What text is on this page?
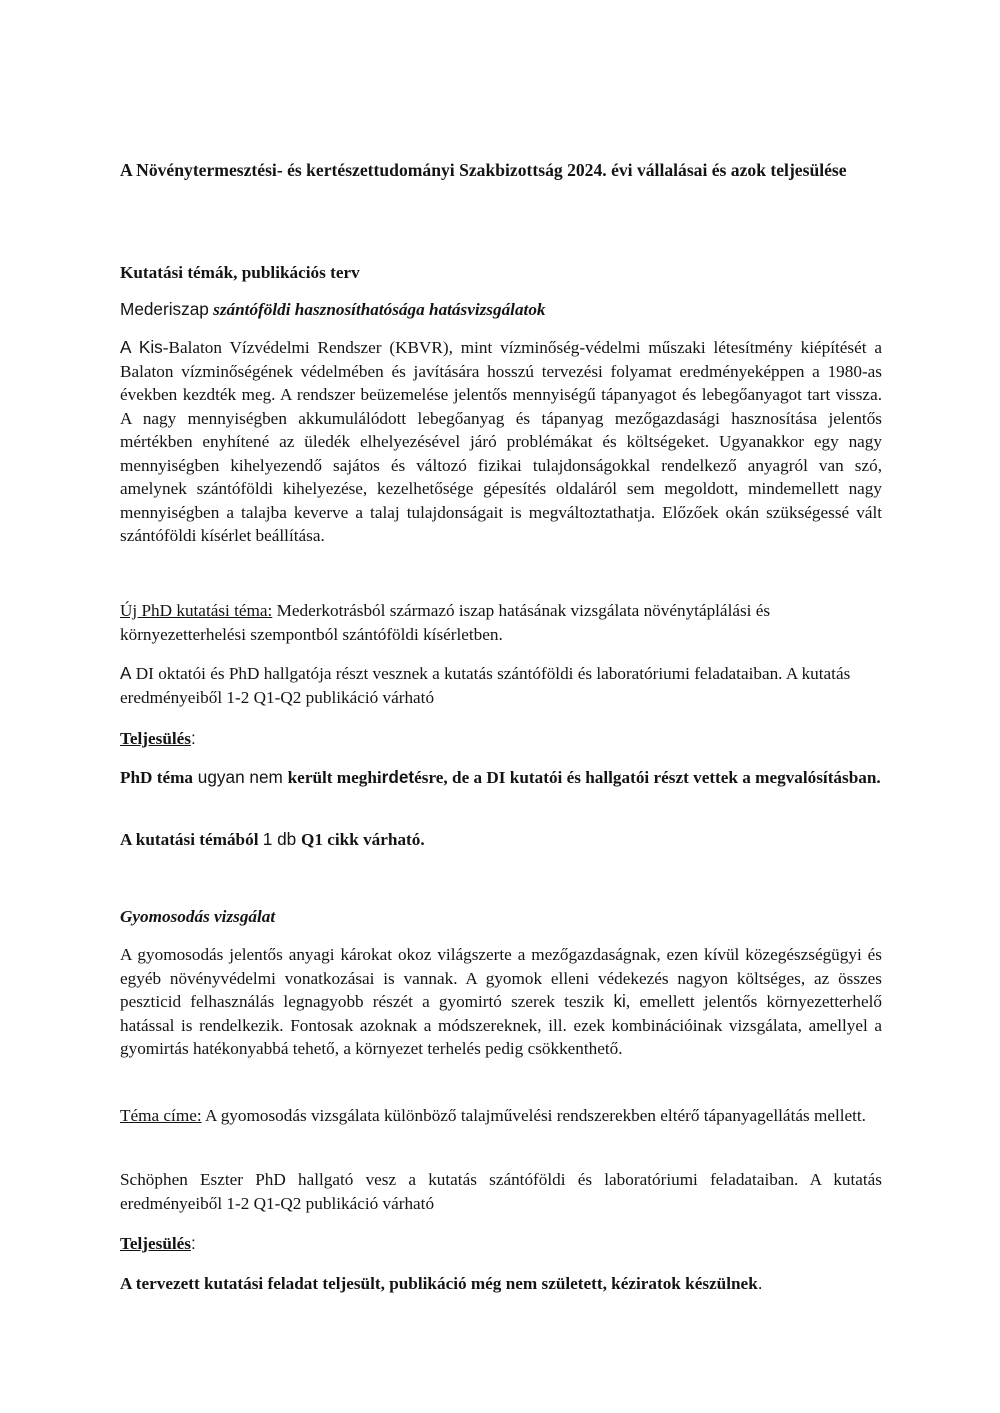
A Növénytermesztési- és kertészettudományi Szakbizottság 2024. évi vállalásai és azok teljesülése

Kutatási témák, publikációs terv

Mederiszap szántóföldi hasznosíthatósága hatásvizsgálatok

A Kis-Balaton Vízvédelmi Rendszer (KBVR), mint vízminőség-védelmi műszaki létesítmény kiépítését a Balaton vízminőségének védelmében és javítására hosszú tervezési folyamat eredményeképpen a 1980-as években kezdték meg. A rendszer beüzemelése jelentős mennyiségű tápanyagot és lebegőanyagot tart vissza. A nagy mennyiségben akkumulálódott lebegőanyag és tápanyag mezőgazdasági hasznosítása jelentős mértékben enyhítené az üledék elhelyezésével járó problémákat és költségeket. Ugyanakkor egy nagy mennyiségben kihelyezendő sajátos és változó fizikai tulajdonságokkal rendelkező anyagról van szó, amelynek szántóföldi kihelyezése, kezelhetősége gépesítés oldaláról sem megoldott, mindemellett nagy mennyiségben a talajba keverve a talaj tulajdonságait is megváltoztathatja. Előzőek okán szükségessé vált szántóföldi kísérlet beállítása.

Új PhD kutatási téma: Mederkotrásból származó iszap hatásának vizsgálata növénytáplálási és környezetterhelési szempontból szántóföldi kísérletben.

A DI oktatói és PhD hallgatója részt vesznek a kutatás szántóföldi és laboratóriumi feladataiban. A kutatás eredményeiből 1-2 Q1-Q2 publikáció várható

Teljesülés:

PhD téma ugyan nem került meghirdetésre, de a DI kutatói és hallgatói részt vettek a megvalósításban.

A kutatási témából 1 db Q1 cikk várható.

Gyomosodás vizsgálat

A gyomosodás jelentős anyagi károkat okoz világszerte a mezőgazdaságnak, ezen kívül közegészségügyi és egyéb növényvédelmi vonatkozásai is vannak. A gyomok elleni védekezés nagyon költséges, az összes peszticid felhasználás legnagyobb részét a gyomirtó szerek teszik ki, emellett jelentős környezetterhelő hatással is rendelkezik. Fontosak azoknak a módszereknek, ill. ezek kombinációinak vizsgálata, amellyel a gyomirtás hatékonyabbá tehető, a környezet terhelés pedig csökkenthető.

Téma címe: A gyomosodás vizsgálata különböző talajművelési rendszerekben eltérő tápanyagellátás mellett.

Schöphen Eszter PhD hallgató vesz a kutatás szántóföldi és laboratóriumi feladataiban. A kutatás eredményeiből 1-2 Q1-Q2 publikáció várható

Teljesülés:

A tervezett kutatási feladat teljesült, publikáció még nem született, kéziratok készülnek.
